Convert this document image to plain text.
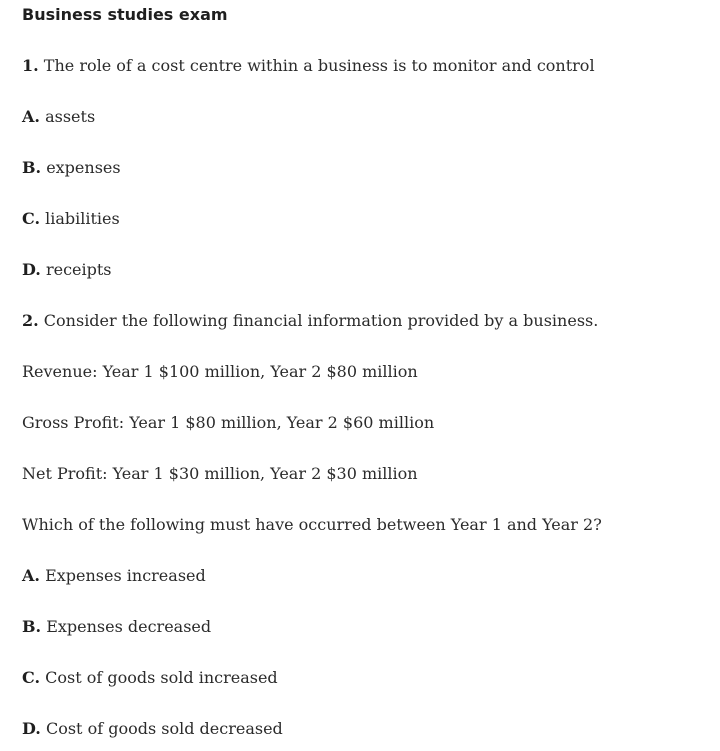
Business studies exam

1. The role of a cost centre within a business is to monitor and control

A. assets

B. expenses

C. liabilities

D. receipts

2. Consider the following financial information provided by a business.

Revenue: Year 1 $100 million, Year 2 $80 million

Gross Profit: Year 1 $80 million, Year 2 $60 million

Net Profit: Year 1 $30 million, Year 2 $30 million

Which of the following must have occurred between Year 1 and Year 2?

A. Expenses increased

B. Expenses decreased

C. Cost of goods sold increased

D. Cost of goods sold decreased
